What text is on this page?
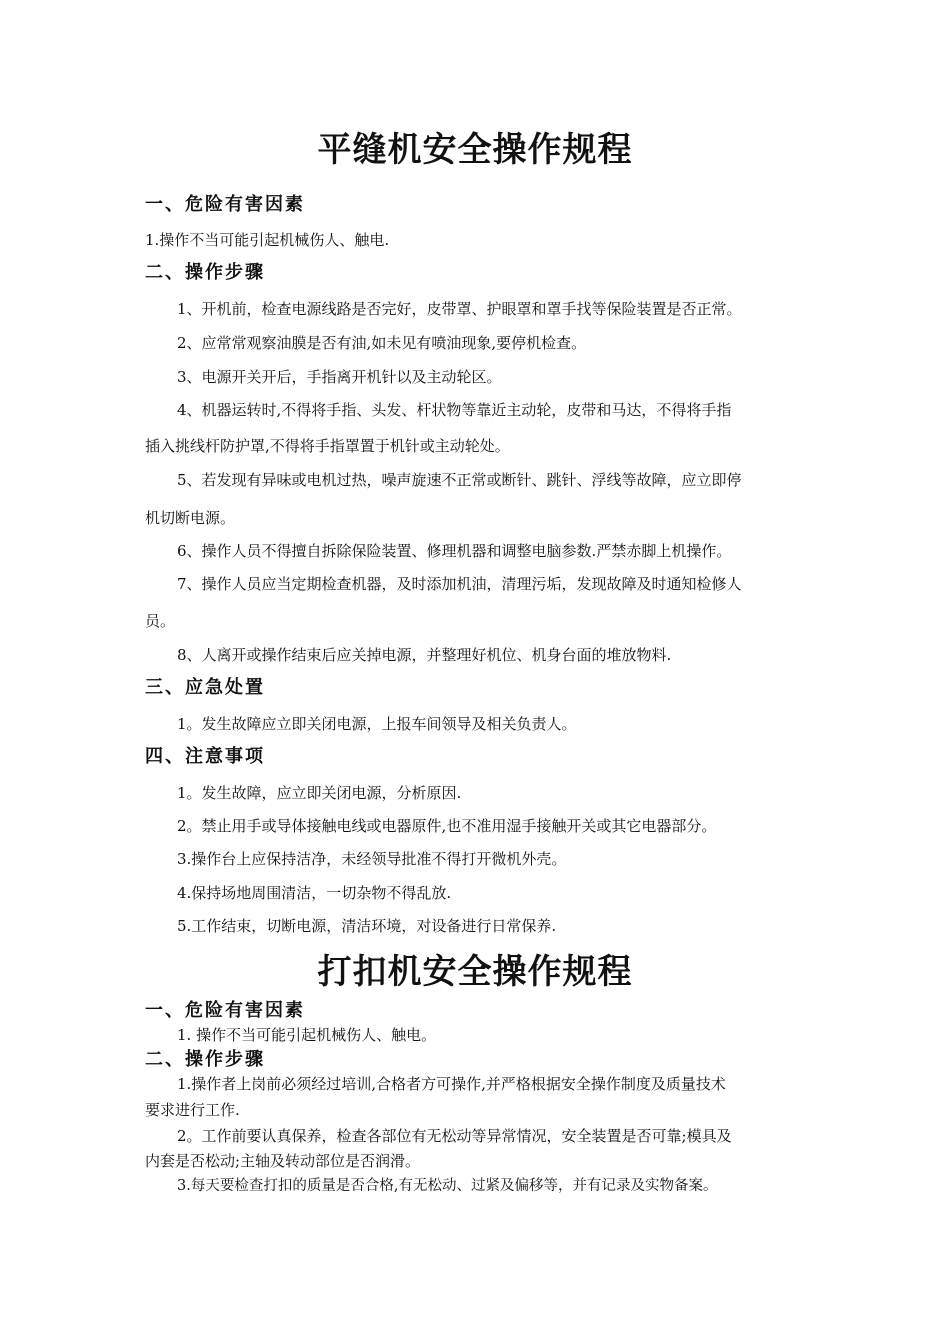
平缝机安全操作规程
一、危险有害因素
1.操作不当可能引起机械伤人、触电.
二、操作步骤
1、开机前，检查电源线路是否完好，皮带罩、护眼罩和罩手找等保险装置是否正常。
2、应常常观察油膜是否有油,如未见有喷油现象,要停机检查。
3、电源开关开后，手指离开机针以及主动轮区。
4、机器运转时,不得将手指、头发、杆状物等靠近主动轮，皮带和马达，不得将手指
插入挑线杆防护罩,不得将手指罩置于机针或主动轮处。
5、若发现有异味或电机过热，噪声旋速不正常或断针、跳针、浮线等故障，应立即停
机切断电源。
6、操作人员不得擅自拆除保险装置、修理机器和调整电脑参数.严禁赤脚上机操作。
7、操作人员应当定期检查机器，及时添加机油，清理污垢，发现故障及时通知检修人
员。
8、人离开或操作结束后应关掉电源，并整理好机位、机身台面的堆放物料.
三、应急处置
1。发生故障应立即关闭电源，上报车间领导及相关负责人。
四、注意事项
1。发生故障，应立即关闭电源，分析原因.
2。禁止用手或导体接触电线或电器原件,也不准用湿手接触开关或其它电器部分。
3.操作台上应保持洁净，未经领导批准不得打开微机外壳。
4.保持场地周围清洁，一切杂物不得乱放.
5.工作结束，切断电源，清洁环境，对设备进行日常保养.
打扣机安全操作规程
一、危险有害因素
1. 操作不当可能引起机械伤人、触电。
二、操作步骤
1.操作者上岗前必须经过培训,合格者方可操作,并严格根据安全操作制度及质量技术
要求进行工作.
2。工作前要认真保养，检查各部位有无松动等异常情况，安全装置是否可靠;模具及
内套是否松动;主轴及转动部位是否润滑。
3.每天要检查打扣的质量是否合格,有无松动、过紧及偏移等，并有记录及实物备案。
